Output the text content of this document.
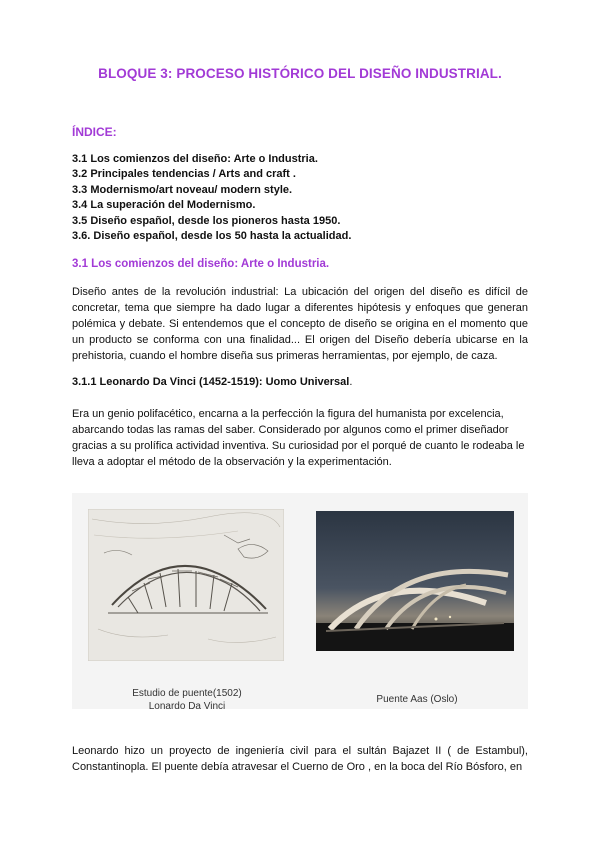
BLOQUE 3: PROCESO HISTÓRICO DEL DISEÑO INDUSTRIAL.
ÍNDICE:
3.1 Los comienzos del diseño: Arte o Industria.
3.2 Principales tendencias / Arts and craft .
3.3 Modernismo/art noveau/ modern style.
3.4 La superación del Modernismo.
3.5 Diseño español, desde los pioneros hasta 1950.
3.6. Diseño español, desde los 50 hasta la actualidad.
3.1 Los comienzos del diseño: Arte o Industria.

Diseño antes de la revolución industrial: La ubicación del origen del diseño es difícil de concretar, tema que siempre ha dado lugar a diferentes hipótesis y enfoques que generan polémica y debate. Si entendemos que el concepto de diseño se origina en el momento que un producto se conforma con una finalidad... El origen del Diseño debería ubicarse en la prehistoria, cuando el hombre diseña sus primeras herramientas, por ejemplo, de caza.

3.1.1 Leonardo Da Vinci (1452-1519): Uomo Universal.

Era un genio polifacético, encarna a la perfección la figura del humanista por excelencia, abarcando todas las ramas del saber. Considerado por algunos como el primer diseñador gracias a su prolífica actividad inventiva. Su curiosidad por el porqué de cuanto le rodeaba le lleva a adoptar el método de la observación y la experimentación.

Estudio de puente(1502)
Lonardo Da Vinci
Puente Aas (Oslo)

Leonardo hizo un proyecto de ingeniería civil para el sultán Bajazet II ( de Estambul), Constantinopla. El puente debía atravesar el Cuerno de Oro , en la boca del Río Bósforo, en
